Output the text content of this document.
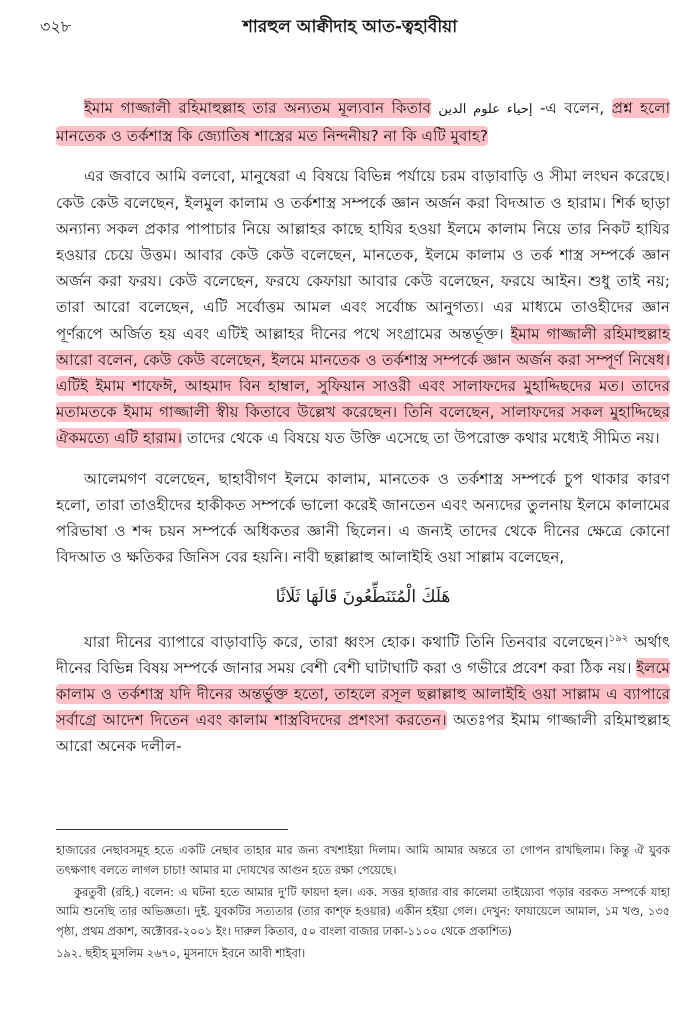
৩২৮	শারহুল আক্বীদাহ আত-ত্বহাবীয়া

ইমাম গাজ্জালী রহিমাহুল্লাহ তার অন্যতম মূল্যবান কিতাব إحياء علوم الدين -এ বলেন, প্রশ্ন হলো মানতেক ও তর্কশাস্ত্র কি জ্যোতিষ শাস্ত্রের মত নিন্দনীয়? না কি এটি মুবাহ?

এর জবাবে আমি বলবো, মানুষেরা এ বিষয়ে বিভিন্ন পর্যায়ে চরম বাড়াবাড়ি ও সীমা লংঘন করেছে। কেউ কেউ বলেছেন, ইলমুল কালাম ও তর্কশাস্ত্র সম্পর্কে জ্ঞান অর্জন করা বিদআত ও হারাম। শির্ক ছাড়া অন্যান্য সকল প্রকার পাপাচার নিয়ে আল্লাহর কাছে হাযির হওয়া ইলমে কালাম নিয়ে তার নিকট হাযির হওয়ার চেয়ে উত্তম। আবার কেউ কেউ বলেছেন, মানতেক, ইলমে কালাম ও তর্ক শাস্ত্র সম্পর্কে জ্ঞান অর্জন করা ফরয। কেউ বলেছেন, ফরযে কেফায়া আবার কেউ বলেছেন, ফরযে আইন। শুধু তাই নয়; তারা আরো বলেছেন, এটি সর্বোত্তম আমল এবং সর্বোচ্চ আনুগত্য। এর মাধ্যমে তাওহীদের জ্ঞান পূর্ণরূপে অর্জিত হয় এবং এটিই আল্লাহর দীনের পথে সংগ্রামের অন্তর্ভূক্ত। ইমাম গাজ্জালী রহিমাহুল্লাহ আরো বলেন, কেউ কেউ বলেছেন, ইলমে মানতেক ও তর্কশাস্ত্র সম্পর্কে জ্ঞান অর্জন করা সম্পূর্ণ নিষেধ। এটিই ইমাম শাফেঈ, আহমাদ বিন হাম্বাল, সুফিয়ান সাওরী এবং সালাফদের মুহাদ্দিছদের মত। তাদের মতামতকে ইমাম গাজ্জালী স্বীয় কিতাবে উল্লেখ করেছেন। তিনি বলেছেন, সালাফদের সকল মুহাদ্দিছের ঐকমত্যে এটি হারাম। তাদের থেকে এ বিষয়ে যত উক্তি এসেছে তা উপরোক্ত কথার মধ্যেই সীমিত নয়।

আলেমগণ বলেছেন, ছাহাবীগণ ইলমে কালাম, মানতেক ও তর্কশাস্ত্র সম্পর্কে চুপ থাকার কারণ হলো, তারা তাওহীদের হাকীকত সম্পর্কে ভালো করেই জানতেন এবং অন্যদের তুলনায় ইলমে কালামের পরিভাষা ও শব্দ চয়ন সম্পর্কে অধিকতর জ্ঞানী ছিলেন। এ জন্যই তাদের থেকে দীনের ক্ষেত্রে কোনো বিদআত ও ক্ষতিকর জিনিস বের হয়নি। নাবী ছল্লাল্লাহু আলাইহি ওয়া সাল্লাম বলেছেন,

هَلَكَ الْمُتَنَطِّعُونَ قَالَهَا ثَلَاثًا

যারা দীনের ব্যাপারে বাড়াবাড়ি করে, তারা ধ্বংস হোক। কথাটি তিনি তিনবার বলেছেন।$^{১৯২}$ অর্থাৎ দীনের বিভিন্ন বিষয় সম্পর্কে জানার সময় বেশী বেশী ঘাটাঘাটি করা ও গভীরে প্রবেশ করা ঠিক নয়। ইলমে কালাম ও তর্কশাস্ত্র যদি দীনের অন্তর্ভুক্ত হতো, তাহলে রসূল ছল্লাল্লাহু আলাইহি ওয়া সাল্লাম এ ব্যাপারে সর্বাগ্রে আদেশ দিতেন এবং কালাম শাস্ত্রবিদদের প্রশংসা করতেন। অতঃপর ইমাম গাজ্জালী রহিমাহুল্লাহ আরো অনেক দলীল-

হাজারের নেছাবসমূহ হতে একটি নেছাব তাহার মার জন্য বখশাইয়া দিলাম। আমি আমার অন্তরে তা গোপন রাখছিলাম। কিন্তু ঐ যুবক তৎক্ষণাৎ বলতে লাগল চাচা! আমার মা দোযখের আগুন হতে রক্ষা পেয়েছে।

কুরতুবী (রহি.) বলেন: এ ঘটনা হতে আমার দু'টি ফায়দা হল। এক. সত্তর হাজার বার কালেমা তাইয়্যেবা পড়ার বরকত সম্পর্কে যাহা আমি শুনেছি তার অভিজ্ঞতা। দুই. যুবকটির সত্যতার (তার কাশ্‌ফ হওয়ার) একীন হইয়া গেল। দেখুন: ফাযায়েলে আমাল, ১ম খণ্ড, ১৩৫ পৃষ্ঠা, প্রথম প্রকাশ, অক্টোবর-২০০১ ইং। দারুল কিতাব, ৫০ বাংলা বাজার ঢাকা-১১০০ থেকে প্রকাশিত)

১৯২. ছহীহ মুসলিম ২৬৭০, মুসনাদে ইবনে আবী শাইবা।
